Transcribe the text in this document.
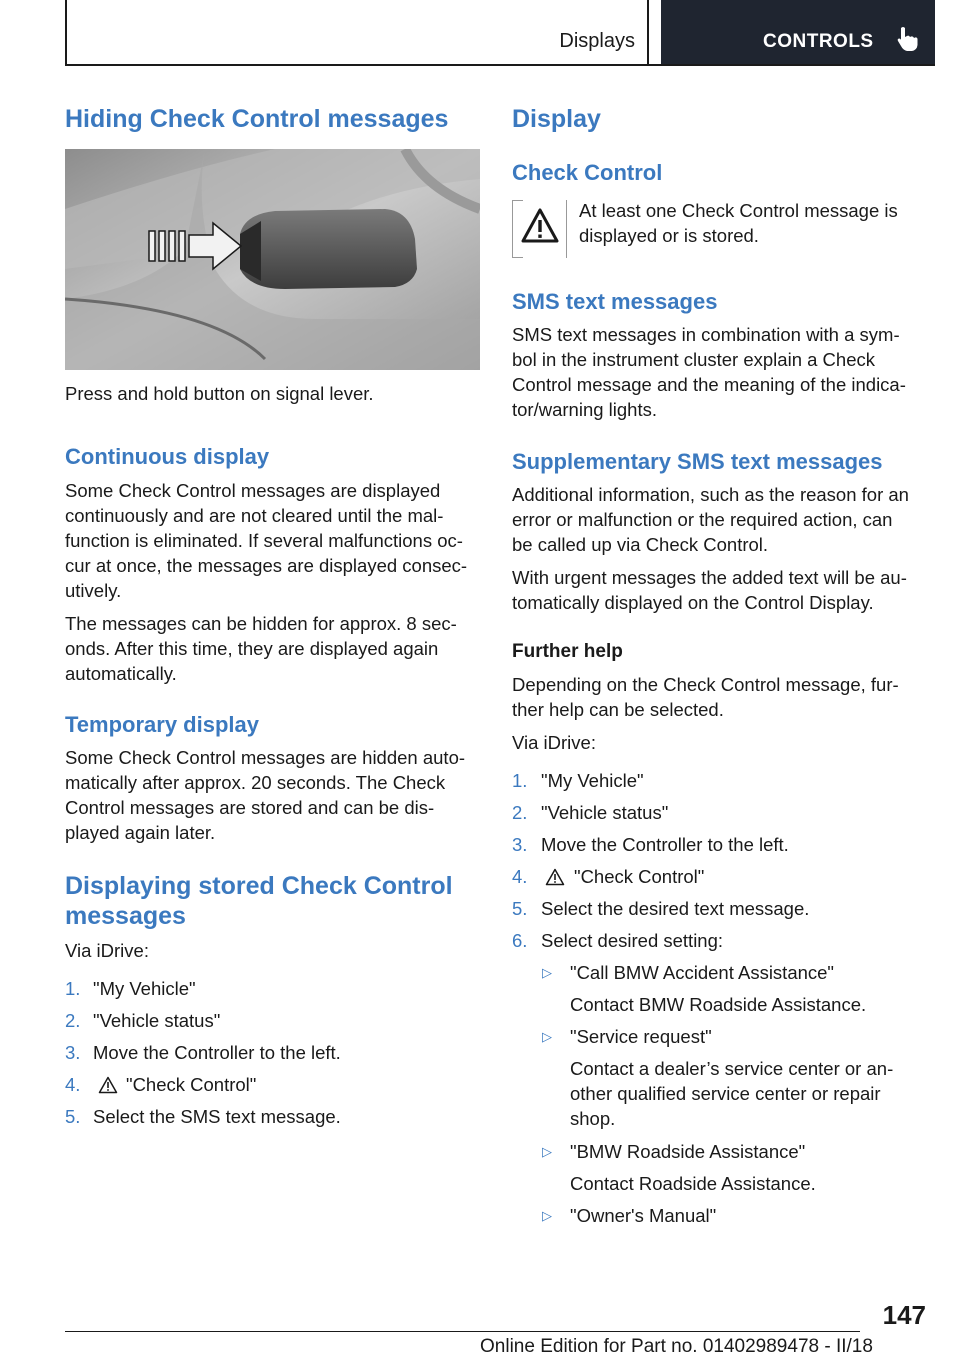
Displays	CONTROLS
Hiding Check Control messages

Press and hold button on signal lever.

Continuous display

Some Check Control messages are displayed

continuously and are not cleared until the mal-

function is eliminated. If several malfunctions oc-

cur at once, the messages are displayed consec-

utively.

The messages can be hidden for approx. 8 sec-

onds. After this time, they are displayed again

automatically.

Temporary display

Some Check Control messages are hidden auto-

matically after approx. 20 seconds. The Check

Control messages are stored and can be dis-

played again later.

Displaying stored Check Control
messages

Via iDrive:

1. "My Vehicle"
2. "Vehicle status"
3. Move the Controller to the left.
4. "Check Control"
5. Select the SMS text message.
Display
Check Control

At least one Check Control message is

displayed or is stored.

SMS text messages

SMS text messages in combination with a sym-

bol in the instrument cluster explain a Check

Control message and the meaning of the indica-

tor/warning lights.

Supplementary SMS text messages

Additional information, such as the reason for an

error or malfunction or the required action, can

be called up via Check Control.

With urgent messages the added text will be au-

tomatically displayed on the Control Display.

Further help

Depending on the Check Control message, fur-

ther help can be selected.

Via iDrive:

1. "My Vehicle"
2. "Vehicle status"
3. Move the Controller to the left.
4.	"Check Control"
5. Select the desired text message.
6. Select desired setting:
▷ "Call BMW Accident Assistance"
Contact BMW Roadside Assistance.
▷ "Service request"
Contact a dealer’s service center or an-
other qualified service center or repair
shop.
▷ "BMW Roadside Assistance"
Contact Roadside Assistance.
▷ "Owner's Manual"
147
Online Edition for Part no. 01402989478 - II/18
